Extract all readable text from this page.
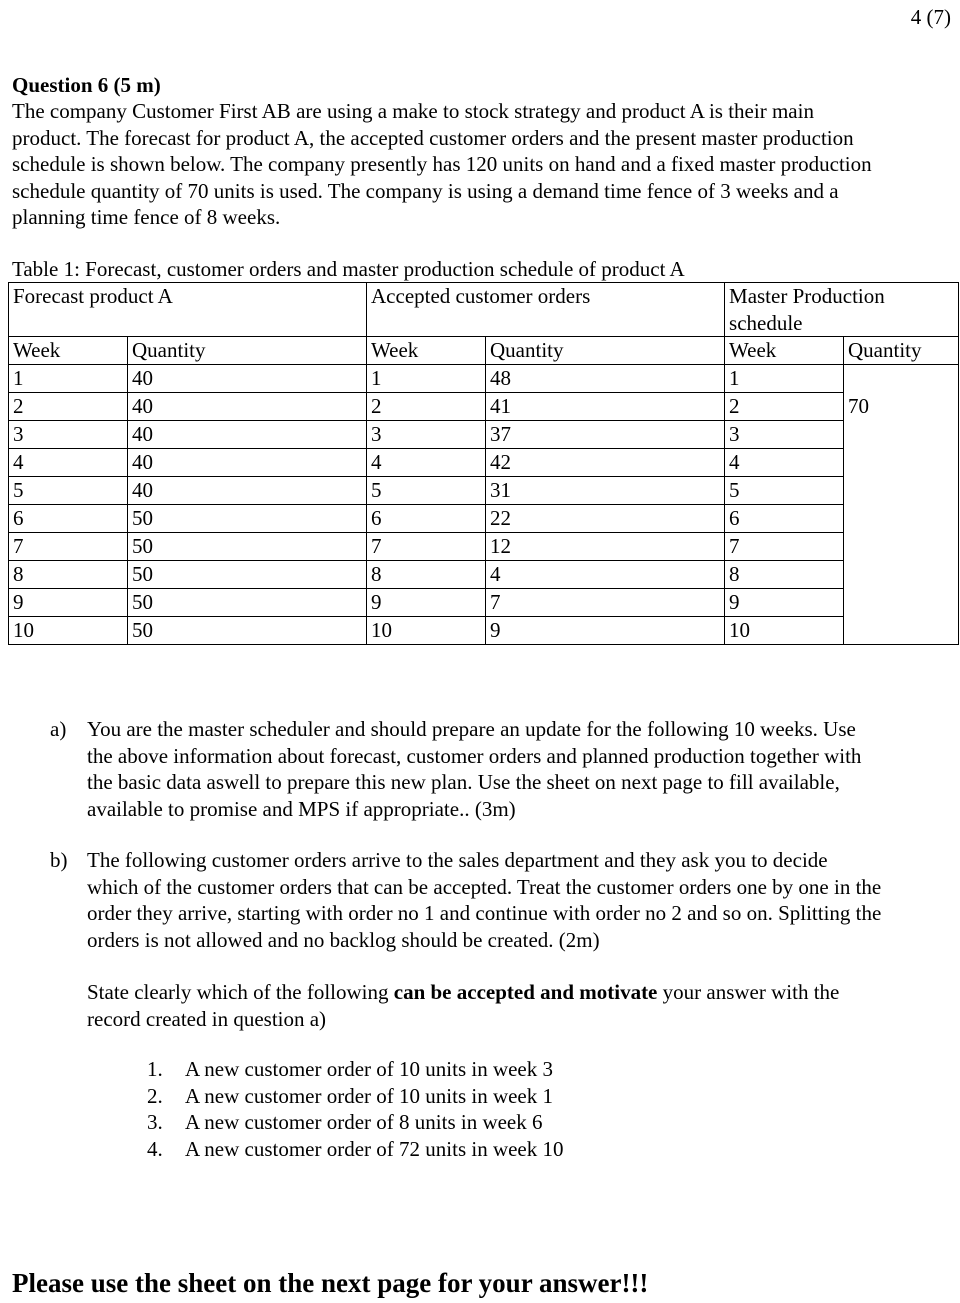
4 (7)
Question 6 (5 m)
The company Customer First AB are using a make to stock strategy and product A is their main
product. The forecast for product A, the accepted customer orders and the present master production
schedule is shown below. The company presently has 120 units on hand and a fixed master production
schedule quantity of 70 units is used. The company is using a demand time fence of 3 weeks and a
planning time fence of 8 weeks.
Table 1: Forecast, customer orders and master production schedule of product A
Forecast product A		Accepted customer orders		Master Production schedule	
Week	Quantity	Week	Quantity	Week	Quantity
1	40	1	48	1	
2	40	2	41	2	70
3	40	3	37	3	
4	40	4	42	4	
5	40	5	31	5	
6	50	6	22	6	
7	50	7	12	7	
8	50	8	4	8	
9	50	9	7	9	
10	50	10	9	10	
a) You are the master scheduler and should prepare an update for the following 10 weeks. Use
the above information about forecast, customer orders and planned production together with
the basic data aswell to prepare this new plan. Use the sheet on next page to fill available,
available to promise and MPS if appropriate.. (3m)
b) The following customer orders arrive to the sales department and they ask you to decide
which of the customer orders that can be accepted. Treat the customer orders one by one in the
order they arrive, starting with order no 1 and continue with order no 2 and so on. Splitting the
orders is not allowed and no backlog should be created. (2m)
State clearly which of the following can be accepted and motivate your answer with the
record created in question a)
1. A new customer order of 10 units in week 3
2. A new customer order of 10 units in week 1
3. A new customer order of 8 units in week 6
4. A new customer order of 72 units in week 10
Please use the sheet on the next page for your answer!!!
